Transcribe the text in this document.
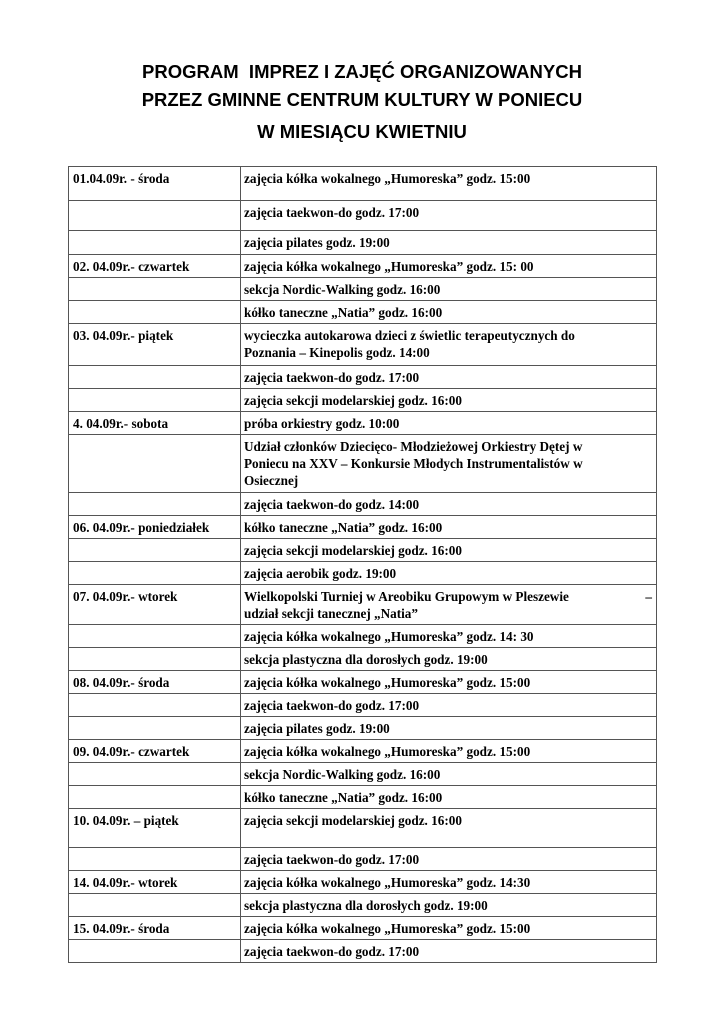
PROGRAM  IMPREZ I ZAJĘĆ ORGANIZOWANYCH
PRZEZ GMINNE CENTRUM KULTURY W PONIECU
W MIESIĄCU KWIETNIU
01.04.09r. - środa	zajęcia kółka wokalnego „Humoreska” godz. 15:00
	zajęcia taekwon-do godz. 17:00
	zajęcia pilates godz. 19:00
02. 04.09r.- czwartek	zajęcia kółka wokalnego „Humoreska” godz. 15: 00
	sekcja Nordic-Walking godz. 16:00
	kółko taneczne „Natia” godz. 16:00
03. 04.09r.- piątek	wycieczka autokarowa dzieci z świetlic terapeutycznych do
Poznania – Kinepolis godz. 14:00

	zajęcia taekwon-do godz. 17:00
	zajęcia sekcji modelarskiej godz. 16:00
4. 04.09r.- sobota	próba orkiestry godz. 10:00

	Udział członków Dziecięco- Młodzieżowej Orkiestry Dętej w
Poniecu na XXV – Konkursie Młodych Instrumentalistów w
Osiecznej

	zajęcia taekwon-do godz. 14:00
06. 04.09r.- poniedziałek	kółko taneczne „Natia” godz. 16:00
	zajęcia sekcji modelarskiej godz. 16:00
	zajęcia aerobik godz. 19:00
07. 04.09r.- wtorek	Wielkopolski Turniej w Areobiku Grupowym w Pleszewie –
udział sekcji tanecznej „Natia”

	zajęcia kółka wokalnego „Humoreska” godz. 14: 30
	sekcja plastyczna dla dorosłych godz. 19:00
08. 04.09r.- środa	zajęcia kółka wokalnego „Humoreska” godz. 15:00
	zajęcia taekwon-do godz. 17:00
	zajęcia pilates godz. 19:00
09. 04.09r.- czwartek	zajęcia kółka wokalnego „Humoreska” godz. 15:00
	sekcja Nordic-Walking godz. 16:00
	kółko taneczne „Natia” godz. 16:00
10. 04.09r. – piątek	zajęcia sekcji modelarskiej godz. 16:00
	zajęcia taekwon-do godz. 17:00
14. 04.09r.- wtorek	zajęcia kółka wokalnego „Humoreska” godz. 14:30
	sekcja plastyczna dla dorosłych godz. 19:00
15. 04.09r.- środa	zajęcia kółka wokalnego „Humoreska” godz. 15:00
	zajęcia taekwon-do godz. 17:00
